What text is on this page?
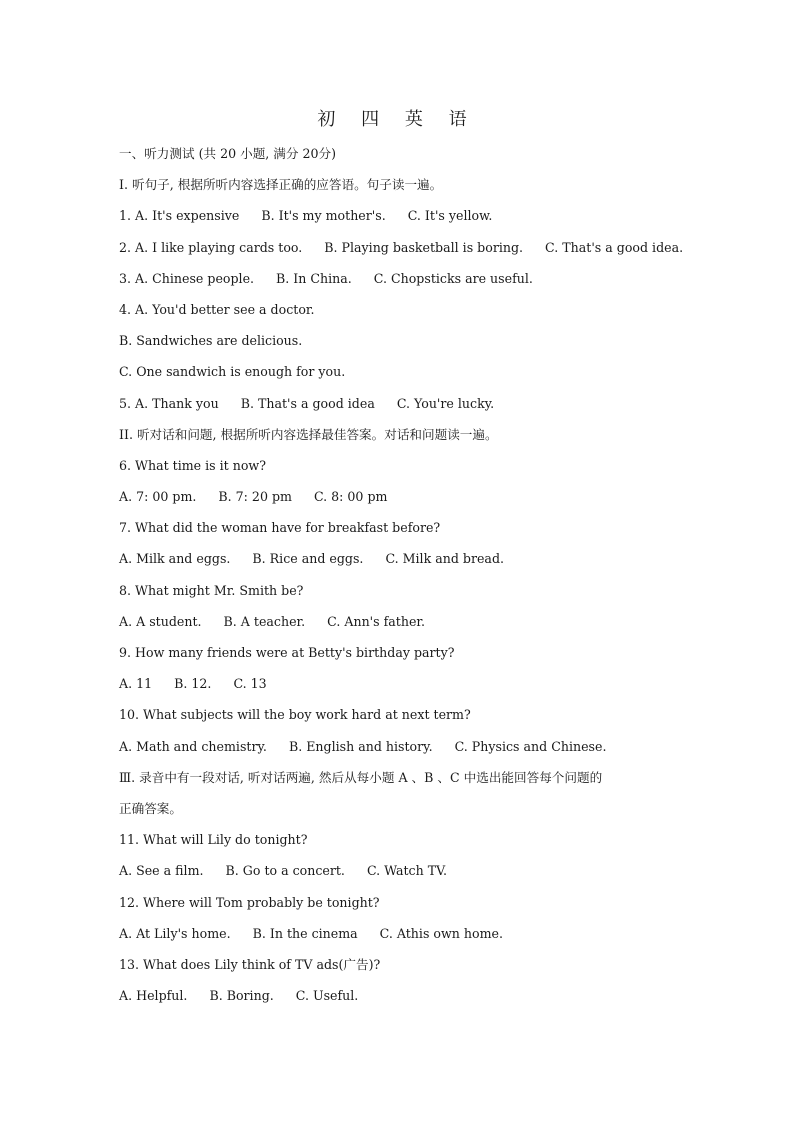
初 四 英 语
一、听力测试 (共 20 小题, 满分 20分)
I. 听句子, 根据所听内容选择正确的应答语。句子读一遍。
1. A. It's expensive B. It's my mother's. C. It's yellow.
2. A. I like playing cards too. B. Playing basketball is boring. C. That's a good idea.
3. A. Chinese people. B. In China. C. Chopsticks are useful.
4. A. You'd better see a doctor.
B. Sandwiches are delicious.
C. One sandwich is enough for you.
5. A. Thank you B. That's a good idea C. You're lucky.
II. 听对话和问题, 根据所听内容选择最佳答案。对话和问题读一遍。
6. What time is it now?
A. 7: 00 pm. B. 7: 20 pm C. 8: 00 pm
7. What did the woman have for breakfast before?
A. Milk and eggs. B. Rice and eggs. C. Milk and bread.
8. What might Mr. Smith be?
A. A student. B. A teacher. C. Ann's father.
9. How many friends were at Betty's birthday party?
A. 11 B. 12. C. 13
10. What subjects will the boy work hard at next term?
A. Math and chemistry. B. English and history. C. Physics and Chinese.
Ⅲ. 录音中有一段对话, 听对话两遍, 然后从每小题 A 、B 、C 中选出能回答每个问题的
正确答案。
11. What will Lily do tonight?
A. See a film. B. Go to a concert. C. Watch TV.
12. Where will Tom probably be tonight?
A. At Lily's home. B. In the cinema C. Athis own home.
13. What does Lily think of TV ads(广告)?
A. Helpful. B. Boring. C. Useful.
